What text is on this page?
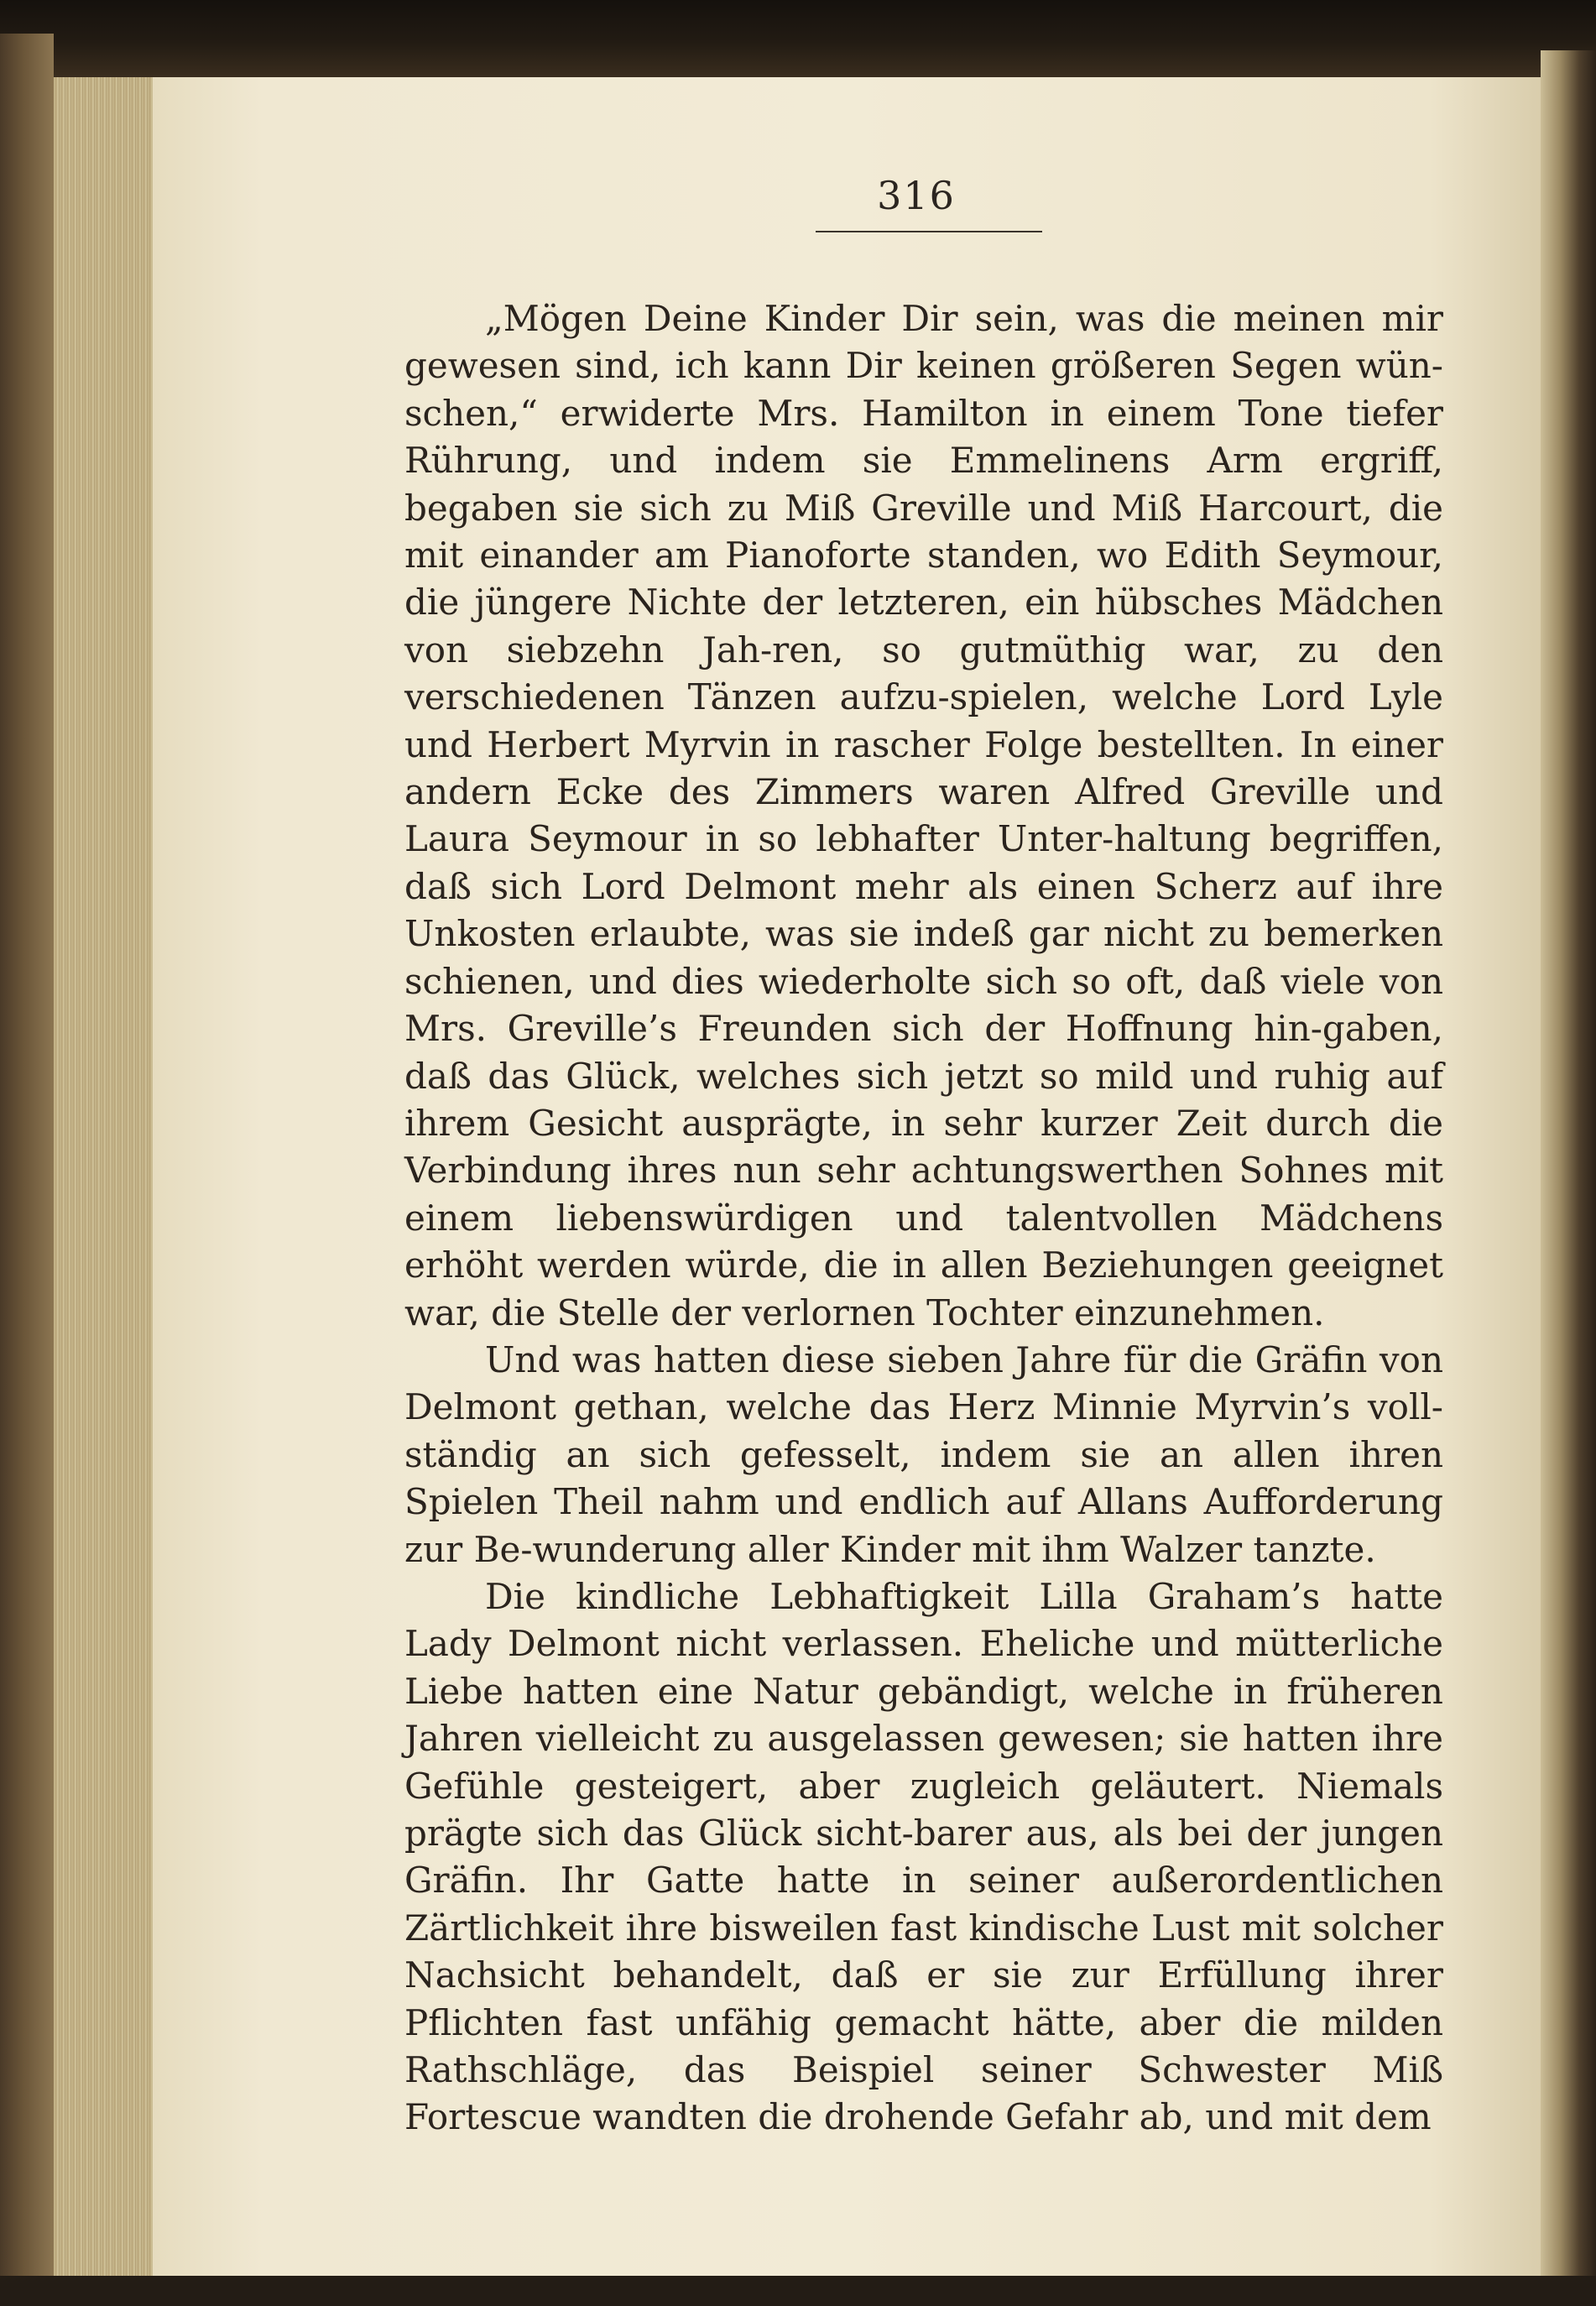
316

„Mögen Deine Kinder Dir sein, was die meinen mir gewesen sind, ich kann Dir keinen größeren Segen wün-schen,“ erwiderte Mrs. Hamilton in einem Tone tiefer Rührung, und indem sie Emmelinens Arm ergriff, begaben sie sich zu Miß Greville und Miß Harcourt, die mit einander am Pianoforte standen, wo Edith Seymour, die jüngere Nichte der letzteren, ein hübsches Mädchen von siebzehn Jah-ren, so gutmüthig war, zu den verschiedenen Tänzen aufzu-spielen, welche Lord Lyle und Herbert Myrvin in rascher Folge bestellten. In einer andern Ecke des Zimmers waren Alfred Greville und Laura Seymour in so lebhafter Unter-haltung begriffen, daß sich Lord Delmont mehr als einen Scherz auf ihre Unkosten erlaubte, was sie indeß gar nicht zu bemerken schienen, und dies wiederholte sich so oft, daß viele von Mrs. Greville’s Freunden sich der Hoffnung hin-gaben, daß das Glück, welches sich jetzt so mild und ruhig auf ihrem Gesicht ausprägte, in sehr kurzer Zeit durch die Verbindung ihres nun sehr achtungswerthen Sohnes mit einem liebenswürdigen und talentvollen Mädchens erhöht werden würde, die in allen Beziehungen geeignet war, die Stelle der verlornen Tochter einzunehmen.

Und was hatten diese sieben Jahre für die Gräfin von Delmont gethan, welche das Herz Minnie Myrvin’s voll-ständig an sich gefesselt, indem sie an allen ihren Spielen Theil nahm und endlich auf Allans Aufforderung zur Be-wunderung aller Kinder mit ihm Walzer tanzte.

Die kindliche Lebhaftigkeit Lilla Graham’s hatte Lady Delmont nicht verlassen. Eheliche und mütterliche Liebe hatten eine Natur gebändigt, welche in früheren Jahren vielleicht zu ausgelassen gewesen; sie hatten ihre Gefühle gesteigert, aber zugleich geläutert. Niemals prägte sich das Glück sicht-barer aus, als bei der jungen Gräfin. Ihr Gatte hatte in seiner außerordentlichen Zärtlichkeit ihre bisweilen fast kindische Lust mit solcher Nachsicht behandelt, daß er sie zur Erfüllung ihrer Pflichten fast unfähig gemacht hätte, aber die milden Rathschläge, das Beispiel seiner Schwester Miß Fortescue wandten die drohende Gefahr ab, und mit dem
